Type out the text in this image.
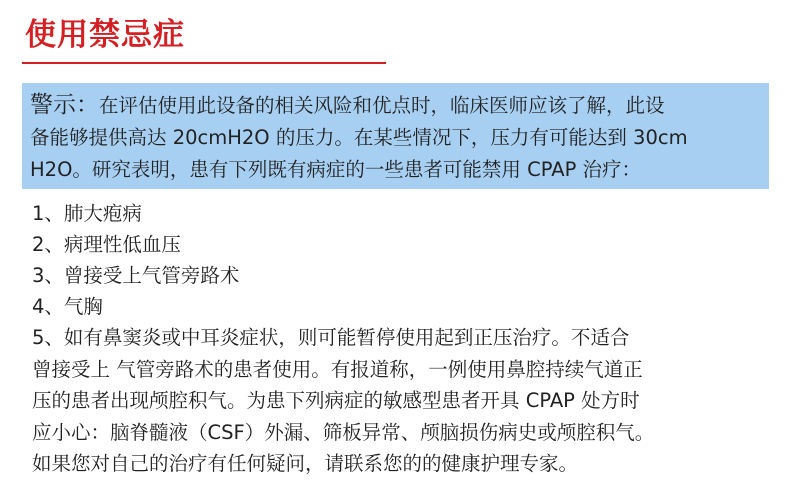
使用禁忌症

警示：在评估使用此设备的相关风险和优点时，临床医师应该了解，此设
备能够提供高达 20cmH2O 的压力。在某些情况下，压力有可能达到 30cm
H2O。研究表明，患有下列既有病症的一些患者可能禁用 CPAP 治疗：

1、肺大疱病
2、病理性低血压
3、曾接受上气管旁路术
4、气胸
5、如有鼻窦炎或中耳炎症状，则可能暂停使用起到正压治疗。不适合
曾接受上 气管旁路术的患者使用。有报道称，一例使用鼻腔持续气道正
压的患者出现颅腔积气。为患下列病症的敏感型患者开具 CPAP 处方时
应小心：脑脊髓液（CSF）外漏、筛板异常、颅脑损伤病史或颅腔积气。
如果您对自己的治疗有任何疑问，请联系您的的健康护理专家。
